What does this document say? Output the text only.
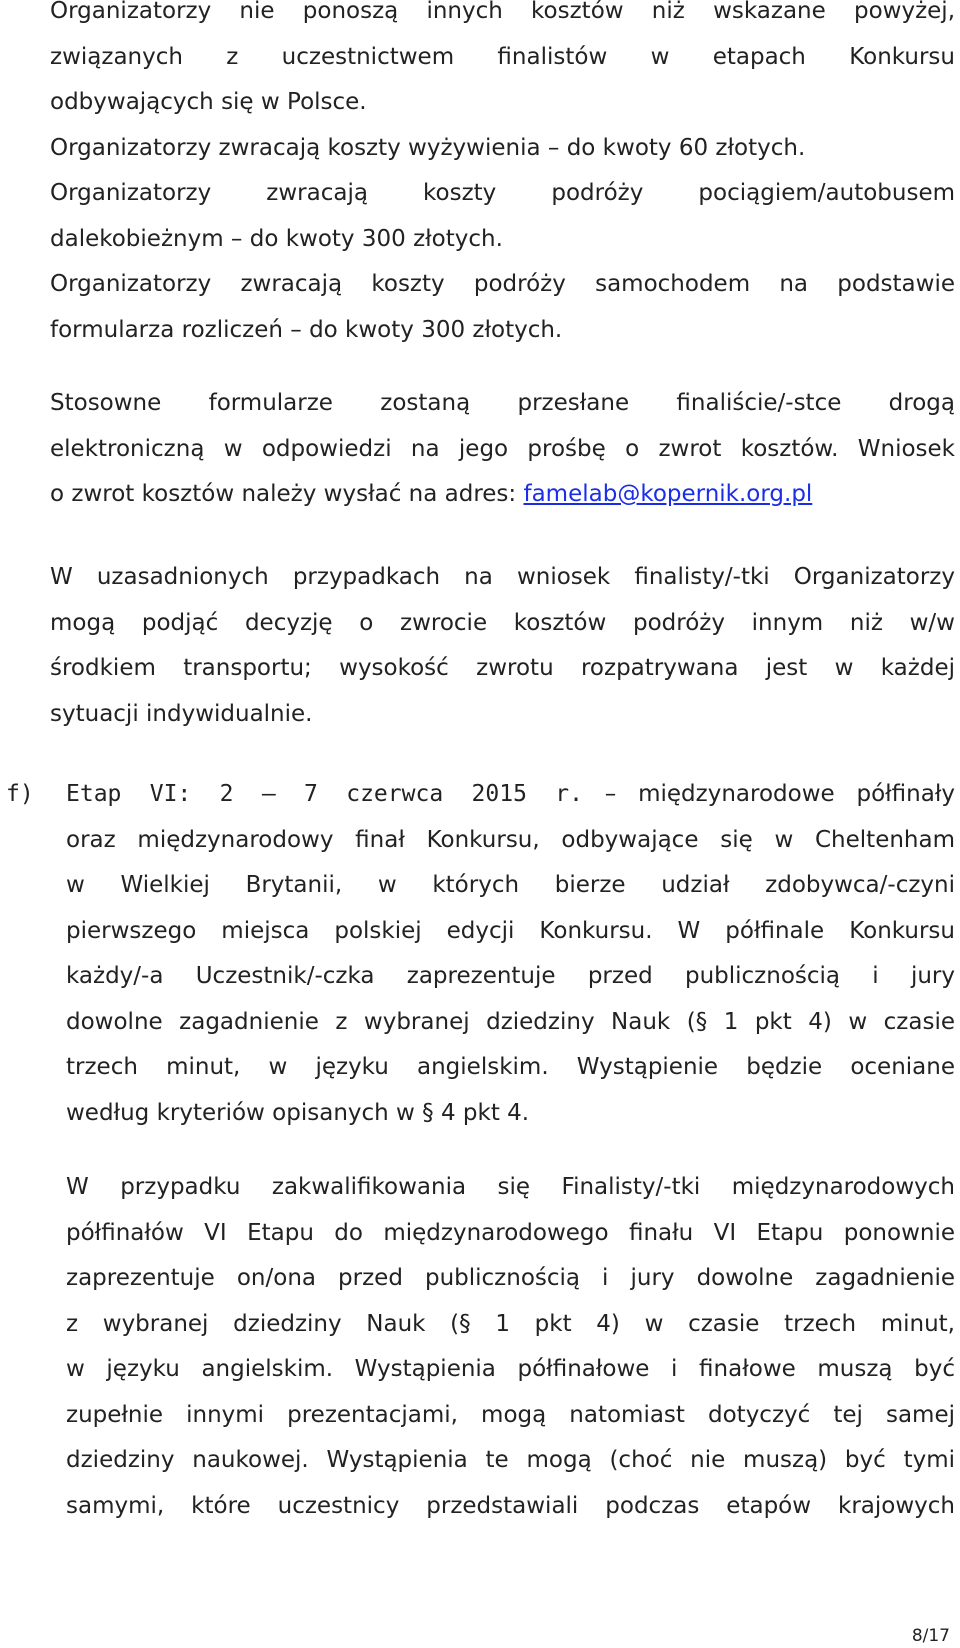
Organizatorzy nie ponoszą innych kosztów niż wskazane powyżej,
związanych z uczestnictwem finalistów w etapach Konkursu
odbywających się w Polsce.
Organizatorzy zwracają koszty wyżywienia – do kwoty 60 złotych.
Organizatorzy zwracają koszty podróży pociągiem/autobusem
dalekobieżnym – do kwoty 300 złotych.
Organizatorzy zwracają koszty podróży samochodem na podstawie
formularza rozliczeń – do kwoty 300 złotych.
Stosowne formularze zostaną przesłane finaliście/-stce drogą
elektroniczną w odpowiedzi na jego prośbę o zwrot kosztów. Wniosek
o zwrot kosztów należy wysłać na adres: famelab@kopernik.org.pl
W uzasadnionych przypadkach na wniosek finalisty/-tki Organizatorzy
mogą podjąć decyzję o zwrocie kosztów podróży innym niż w/w
środkiem transportu; wysokość zwrotu rozpatrywana jest w każdej
sytuacji indywidualnie.
f) Etap VI: 2 – 7 czerwca 2015 r. – międzynarodowe półfinały
oraz międzynarodowy finał Konkursu, odbywające się w Cheltenham
w Wielkiej Brytanii, w których bierze udział zdobywca/-czyni
pierwszego miejsca polskiej edycji Konkursu. W półfinale Konkursu
każdy/-a Uczestnik/-czka zaprezentuje przed publicznością i jury
dowolne zagadnienie z wybranej dziedziny Nauk (§ 1 pkt 4) w czasie
trzech minut, w języku angielskim. Wystąpienie będzie oceniane
według kryteriów opisanych w § 4 pkt 4.
W przypadku zakwalifikowania się Finalisty/-tki międzynarodowych
półfinałów VI Etapu do międzynarodowego finału VI Etapu ponownie
zaprezentuje on/ona przed publicznością i jury dowolne zagadnienie
z wybranej dziedziny Nauk (§ 1 pkt 4) w czasie trzech minut,
w języku angielskim. Wystąpienia półfinałowe i finałowe muszą być
zupełnie innymi prezentacjami, mogą natomiast dotyczyć tej samej
dziedziny naukowej. Wystąpienia te mogą (choć nie muszą) być tymi
samymi, które uczestnicy przedstawiali podczas etapów krajowych
8/17
